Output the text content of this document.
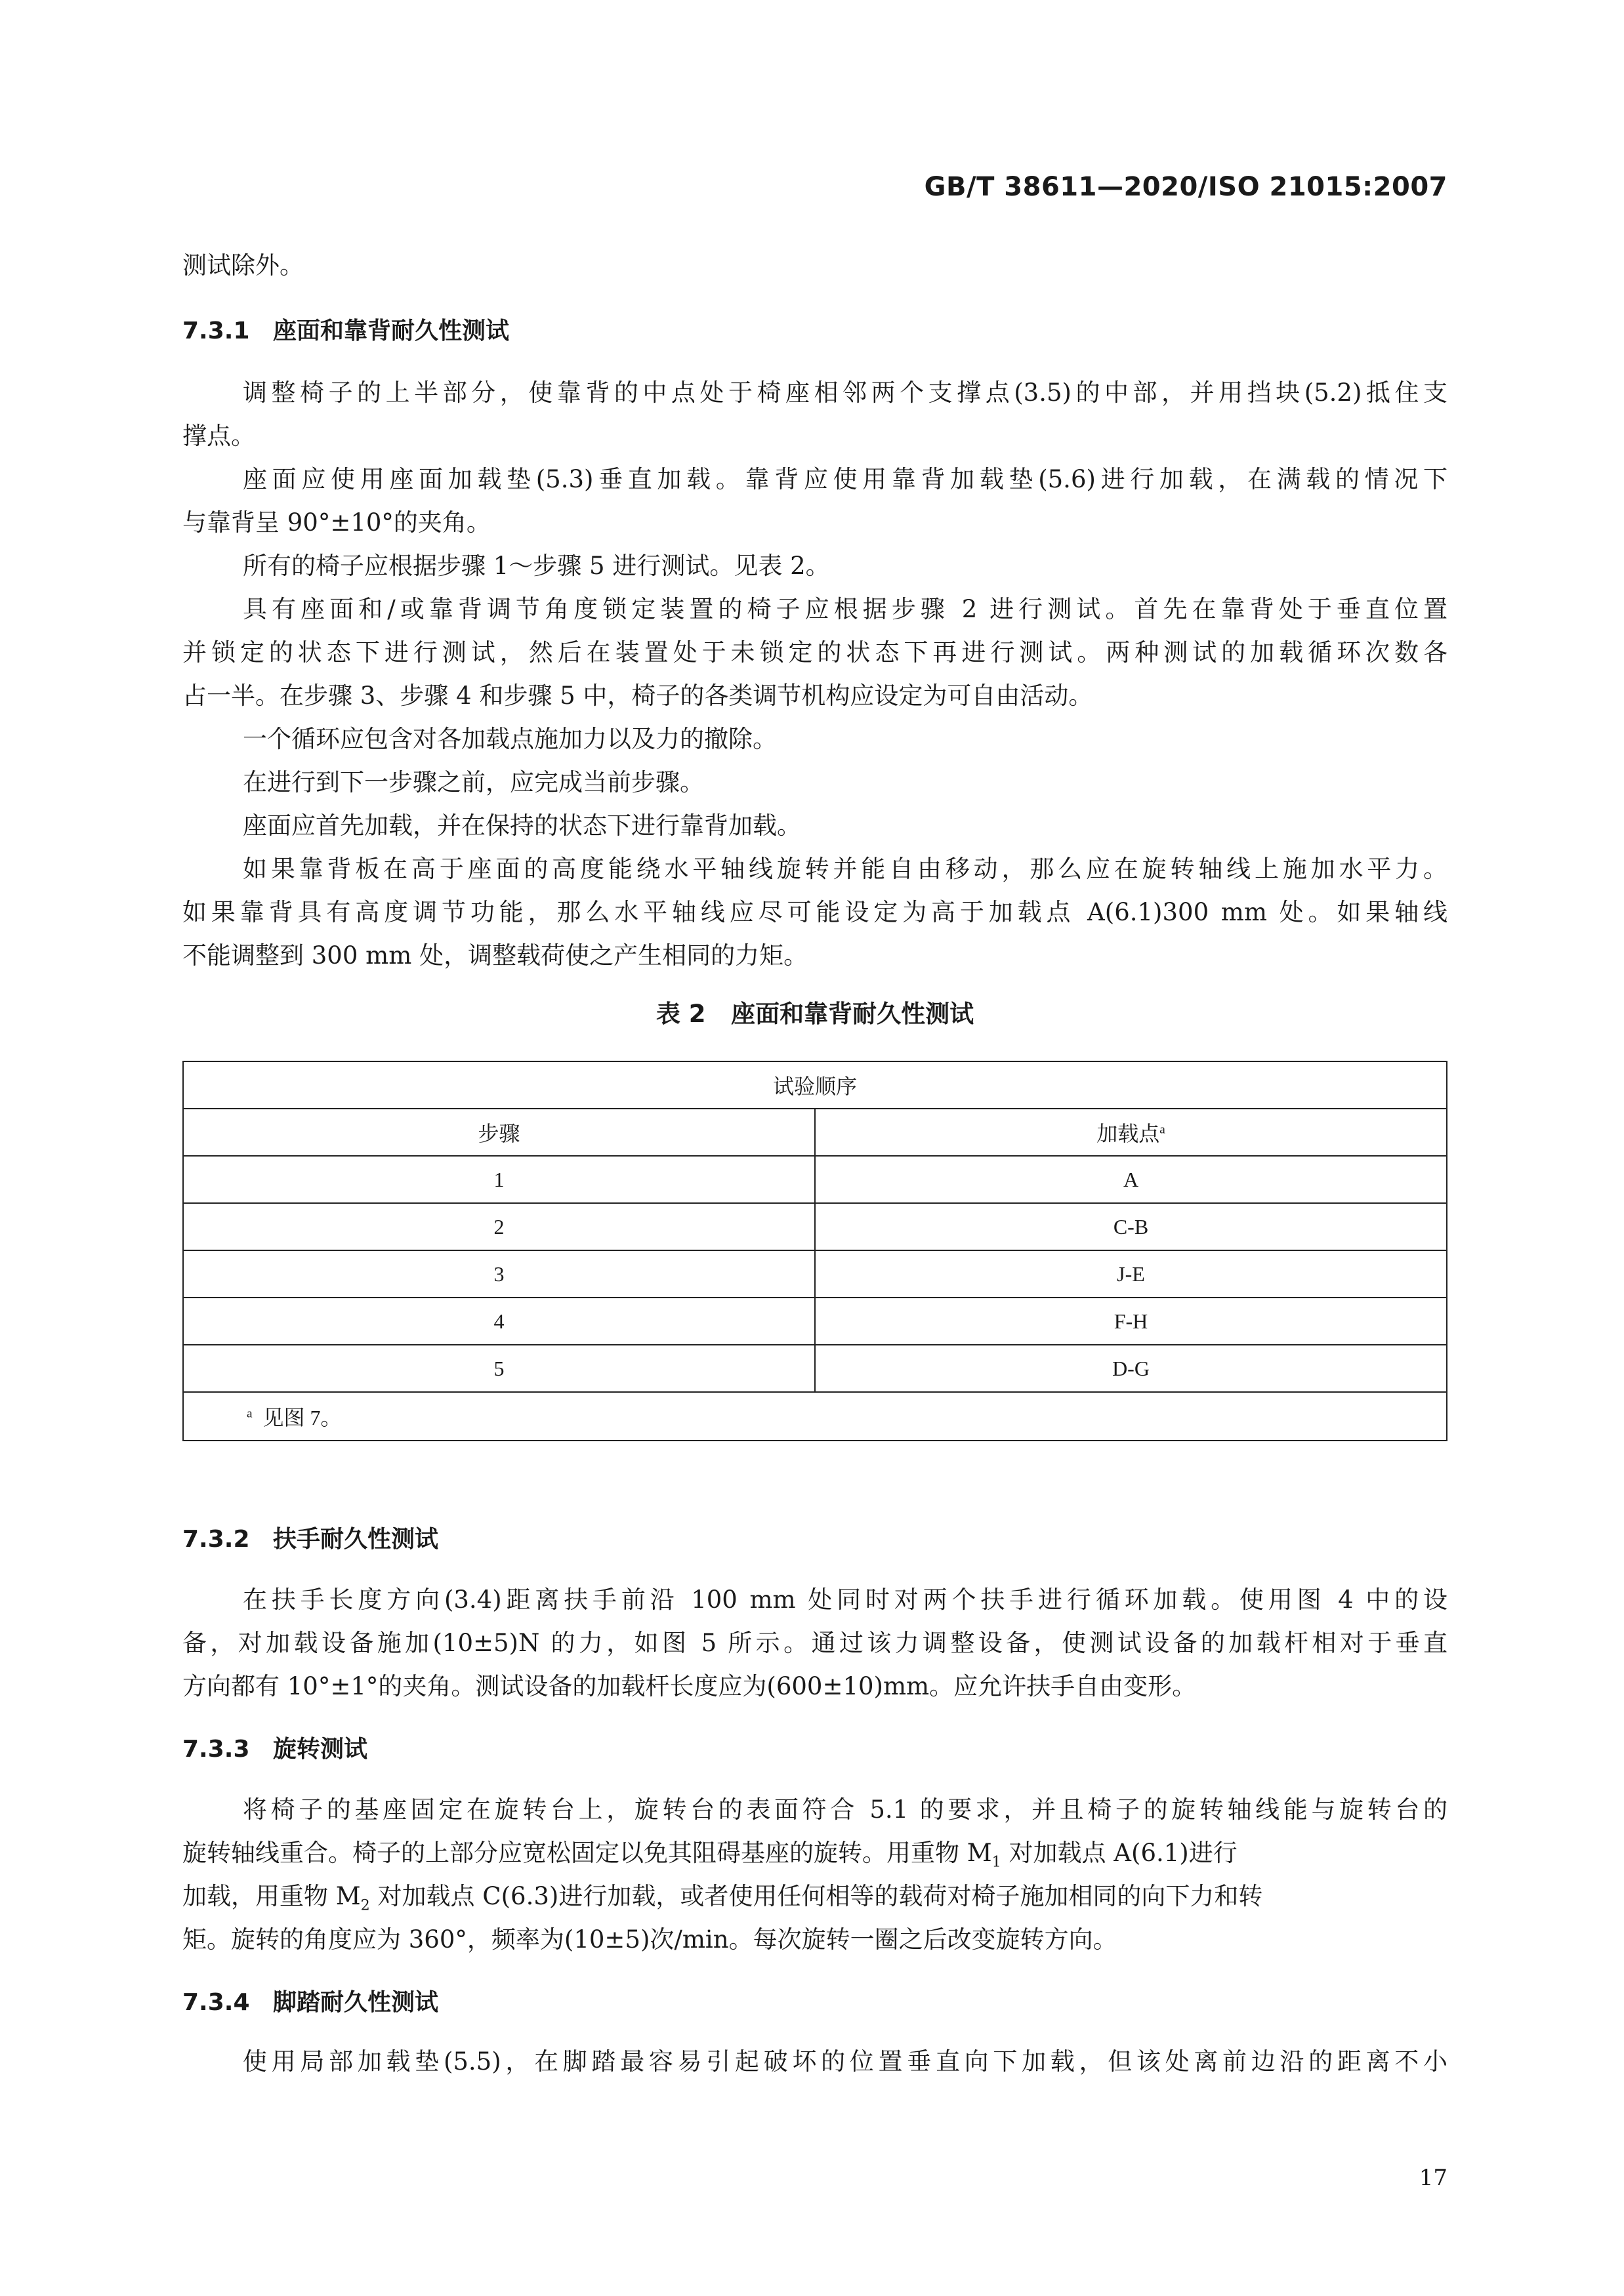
GB/T 38611—2020/ISO 21015:2007

测试除外。

7.3.1 座面和靠背耐久性测试

调整椅子的上半部分，使靠背的中点处于椅座相邻两个支撑点(3.5)的中部，并用挡块(5.2)抵住支

撑点。

座面应使用座面加载垫(5.3)垂直加载。靠背应使用靠背加载垫(5.6)进行加载，在满载的情况下

与靠背呈 90°±10°的夹角。

所有的椅子应根据步骤 1～步骤 5 进行测试。见表 2。

具有座面和/或靠背调节角度锁定装置的椅子应根据步骤 2 进行测试。首先在靠背处于垂直位置

并锁定的状态下进行测试，然后在装置处于未锁定的状态下再进行测试。两种测试的加载循环次数各

占一半。在步骤 3、步骤 4 和步骤 5 中，椅子的各类调节机构应设定为可自由活动。

一个循环应包含对各加载点施加力以及力的撤除。

在进行到下一步骤之前，应完成当前步骤。

座面应首先加载，并在保持的状态下进行靠背加载。

如果靠背板在高于座面的高度能绕水平轴线旋转并能自由移动，那么应在旋转轴线上施加水平力。

如果靠背具有高度调节功能，那么水平轴线应尽可能设定为高于加载点 A(6.1)300 mm 处。如果轴线

不能调整到 300 mm 处，调整载荷使之产生相同的力矩。

表 2   座面和靠背耐久性测试
试验顺序	
步骤	加载点$^a$
1	A
2	C-B
3	J-E
4	F-H
5	D-G
$^a$ 见图 7。	
7.3.2 扶手耐久性测试

在扶手长度方向(3.4)距离扶手前沿 100 mm 处同时对两个扶手进行循环加载。使用图 4 中的设

备，对加载设备施加(10±5)N 的力，如图 5 所示。通过该力调整设备，使测试设备的加载杆相对于垂直

方向都有 10°±1°的夹角。测试设备的加载杆长度应为(600±10)mm。应允许扶手自由变形。

7.3.3 旋转测试

将椅子的基座固定在旋转台上，旋转台的表面符合 5.1 的要求，并且椅子的旋转轴线能与旋转台的

旋转轴线重合。椅子的上部分应宽松固定以免其阻碍基座的旋转。用重物 $M_1$ 对加载点 A(6.1)进行

加载，用重物 $M_2$ 对加载点 C(6.3)进行加载，或者使用任何相等的载荷对椅子施加相同的向下力和转

矩。旋转的角度应为 360°，频率为(10±5)次/min。每次旋转一圈之后改变旋转方向。

7.3.4 脚踏耐久性测试

使用局部加载垫(5.5)，在脚踏最容易引起破坏的位置垂直向下加载，但该处离前边沿的距离不小

17
